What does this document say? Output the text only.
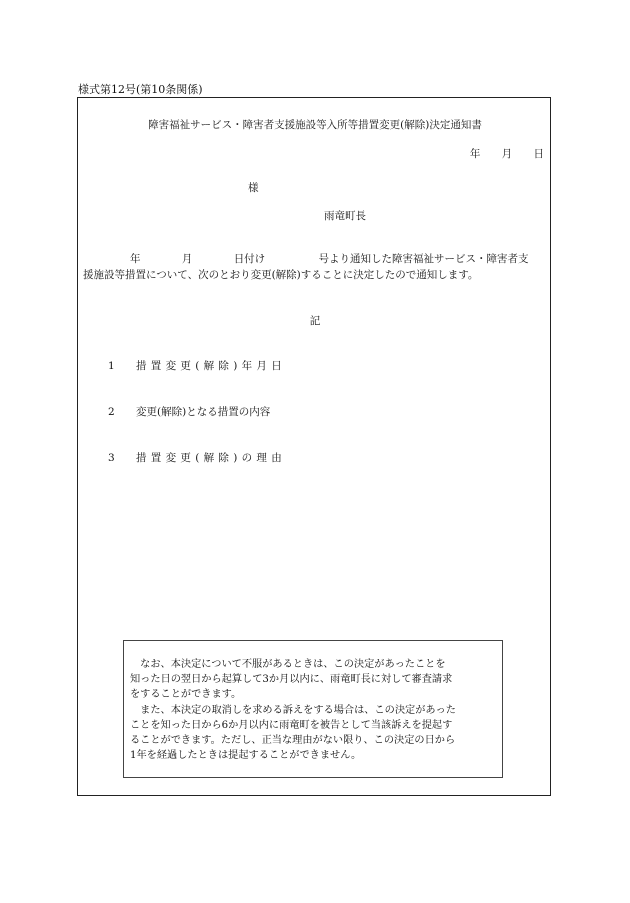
様式第12号(第10条関係)
障害福祉サービス・障害者支援施設等入所等措置変更(解除)決定通知書
年 月 日
様
雨竜町長
年	月	日付け	号より通知した障害福祉サービス・障害者支
援施設等措置について、次のとおり変更(解除)することに決定したので通知します。
記
1 措置変更(解除)年月日
2 変更(解除)となる措置の内容
3 措置変更(解除)の理由
　なお、本決定について不服があるときは、この決定があったことを
知った日の翌日から起算して3か月以内に、雨竜町長に対して審査請求
をすることができます。
　また、本決定の取消しを求める訴えをする場合は、この決定があった
ことを知った日から6か月以内に雨竜町を被告として当該訴えを提起す
ることができます。ただし、正当な理由がない限り、この決定の日から
1年を経過したときは提起することができません。
